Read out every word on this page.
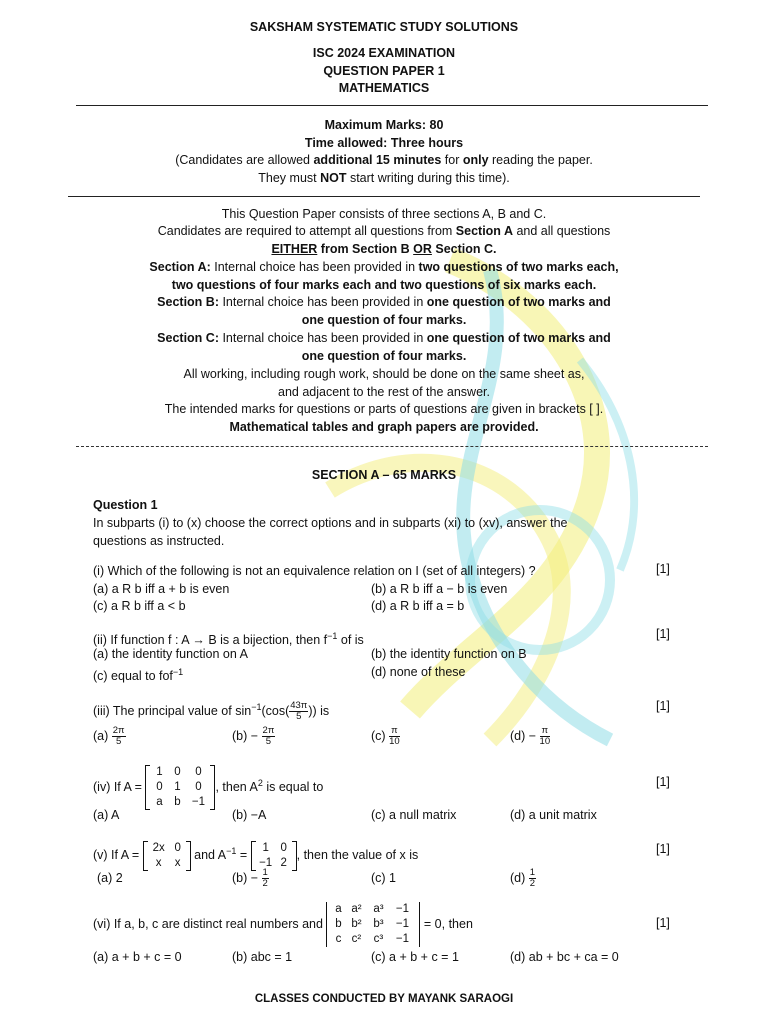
SAKSHAM SYSTEMATIC STUDY SOLUTIONS
ISC 2024 EXAMINATION
QUESTION PAPER 1
MATHEMATICS
Maximum Marks: 80
Time allowed: Three hours
(Candidates are allowed additional 15 minutes for only reading the paper.
They must NOT start writing during this time).
This Question Paper consists of three sections A, B and C.
Candidates are required to attempt all questions from Section A and all questions
EITHER from Section B OR Section C.
Section A: Internal choice has been provided in two questions of two marks each,
two questions of four marks each and two questions of six marks each.
Section B: Internal choice has been provided in one question of two marks and
one question of four marks.
Section C: Internal choice has been provided in one question of two marks and
one question of four marks.
All working, including rough work, should be done on the same sheet as,
and adjacent to the rest of the answer.
The intended marks for questions or parts of questions are given in brackets [ ].
Mathematical tables and graph papers are provided.
SECTION A – 65 MARKS
Question 1
In subparts (i) to (x) choose the correct options and in subparts (xi) to (xv), answer the
questions as instructed.
(i) Which of the following is not an equivalence relation on I (set of all integers) ?	[1]
(a) a R b iff a + b is even	(b) a R b iff a − b is even
(c) a R b iff a < b	(d) a R b iff a = b
(ii) If function f : A → B is a bijection, then $f^{-1}$ of is	[1]
(a) the identity function on A	(b) the identity function on B
(c) equal to fof$^{-1}$	(d) none of these
(iii) The principal value of $\sin^{-1}(\cos( \frac{43\pi}{5}$ )) is	[1]
$(a) \frac{2\pi}{5}$	$(b) - \frac{2\pi}{5}$	$(c) \frac{\pi}{10}$	$(d) - \frac{\pi}{10}$
(iv) If A =
1	0	0
0	1	0
a	b −1
, then $A^2$ is equal to	[1]
(a) A	(b) −A	(c) a null matrix	(d) a unit matrix
(v) If A =
2x 0
x	x
and $A^{-1}$ =
1	0
−1 2
, then the value of x is	[1]
(a) 2	$(b) - \frac{1}{2}$	(c) 1	$(d) \frac{1}{2}$
(vi) If a, b, c are distinct real numbers and
a a²	a³	−1
b b²	b³	−1
c c²	c³	−1
= 0, then	[1]
(a) a + b + c = 0	(b) abc = 1	(c) a + b + c = 1	(d) ab + bc + ca = 0
CLASSES CONDUCTED BY MAYANK SARAOGI
